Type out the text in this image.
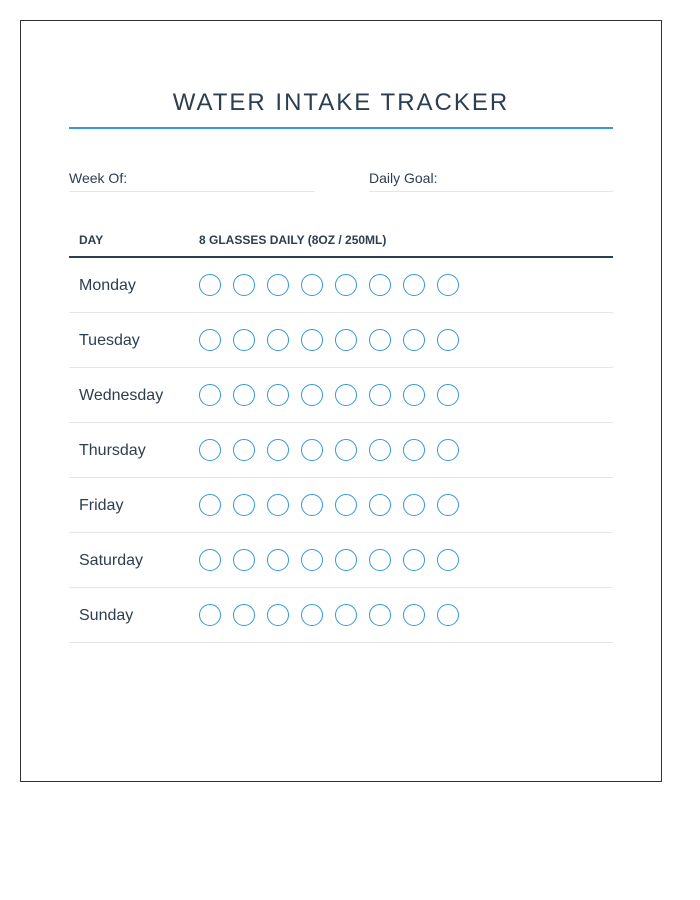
WATER INTAKE TRACKER
Week Of:	Daily Goal:
DAY	8 GLASSES DAILY (8OZ / 250ML)
Monday
Tuesday
Wednesday
Thursday
Friday
Saturday
Sunday
